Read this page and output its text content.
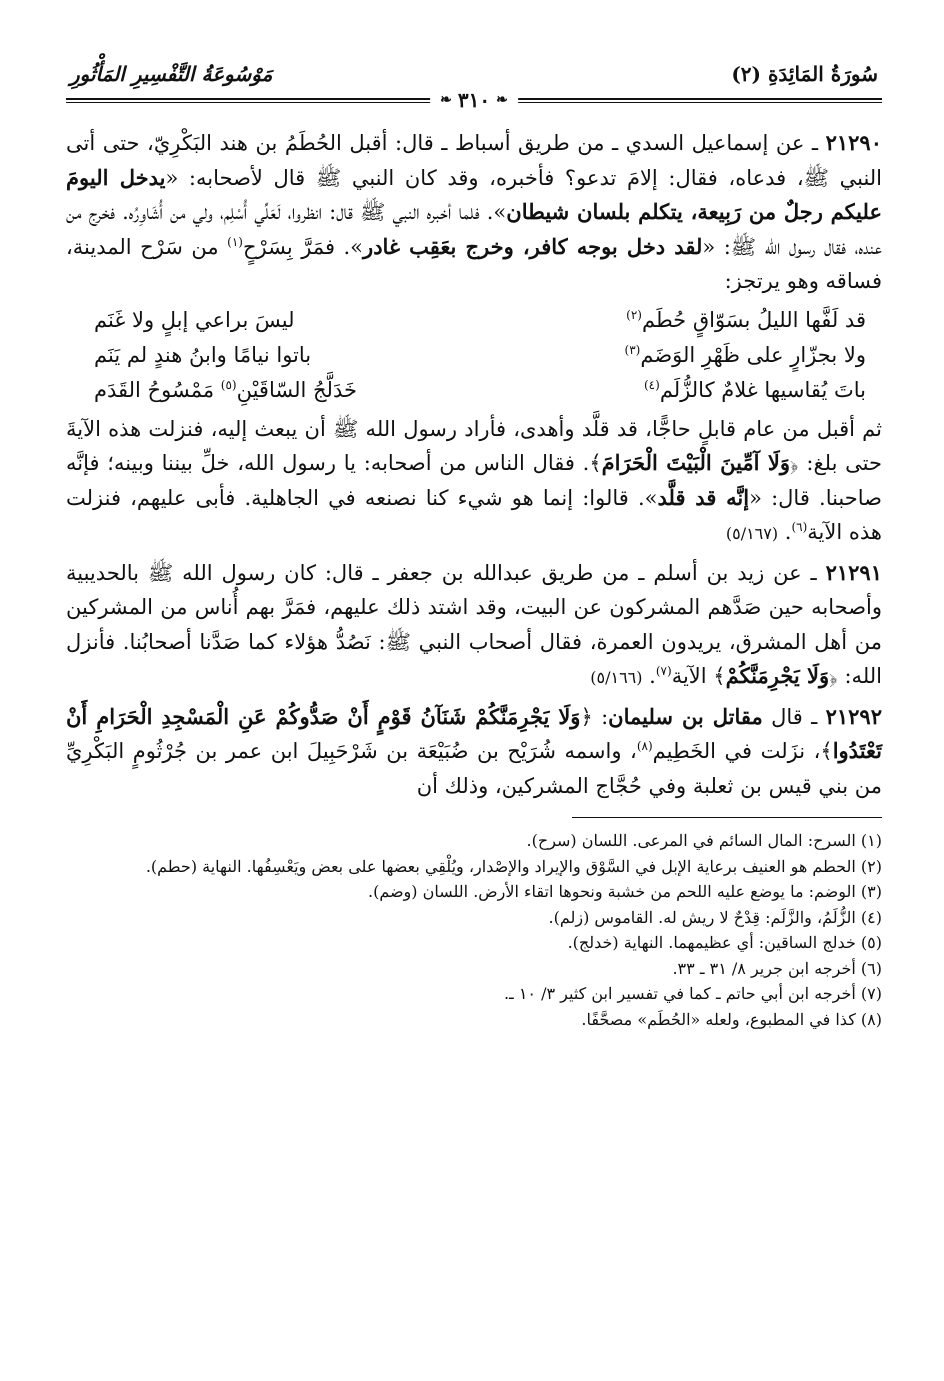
سُورَةُ المَائِدَةِ (٢)
مَوْسُوعَةُ التَّفْسِيرِ المَأْثُورِ
❧
٣١٠
❧

٢١٢٩٠ ـ عن إسماعيل السدي ـ من طريق أسباط ـ قال: أقبل الحُطَمُ بن هند البَكْرِيّ، حتى أتى النبي ﷺ، فدعاه، فقال: إلامَ تدعو؟ فأخبره، وقد كان النبي ﷺ قال لأصحابه: «يدخل اليومَ عليكم رجلٌ من رَبِيعة، يتكلم بلسان شيطان». فلما أخبره النبي ﷺ قال: انظروا، لَعَلِّي أُسْلِم، ولي من أُشَاوِرُه. فخرج من عنده، فقال رسول الله ﷺ: «لقد دخل بوجه كافر، وخرج بعَقِب غادر». فمَرَّ بِسَرْحٍ$^{(١)}$ من سَرْح المدينة، فساقه وهو يرتجز:

قد لَفَّها الليلُ بسَوّاقٍ حُطَم$^{(٢)}$
ليسَ براعي إبلٍ ولا غَنَم
ولا بجزّارٍ على ظَهْرِ الوَضَم$^{(٣)}$
باتوا نيامًا وابنُ هندٍ لم يَنَم
باتَ يُقاسيها غلامٌ كالزُّلَم$^{(٤)}$
خَدَلَّجُ السّاقَيْنِ$^{(٥)}$ مَمْسُوحُ القَدَم

ثم أقبل من عام قابلٍ حاجًّا، قد قلَّد وأهدى، فأراد رسول الله ﷺ أن يبعث إليه، فنزلت هذه الآيةَ حتى بلغ: ﴿وَلَا آمِّينَ الْبَيْتَ الْحَرَامَ﴾. فقال الناس من أصحابه: يا رسول الله، خلِّ بيننا وبينه؛ فإنَّه صاحبنا. قال: «إنَّه قد قلَّد». قالوا: إنما هو شيء كنا نصنعه في الجاهلية. فأبى عليهم، فنزلت هذه الآية$^{(٦)}$. (٥/١٦٧)

٢١٢٩١ ـ عن زيد بن أسلم ـ من طريق عبدالله بن جعفر ـ قال: كان رسول الله ﷺ بالحديبية وأصحابه حين صَدَّهم المشركون عن البيت، وقد اشتد ذلك عليهم، فمَرَّ بهم أُناس من المشركين من أهل المشرق، يريدون العمرة، فقال أصحاب النبي ﷺ: نَصُدُّ هؤلاء كما صَدَّنا أصحابُنا. فأنزل الله: ﴿وَلَا يَجْرِمَنَّكُمْ﴾ الآية$^{(٧)}$. (٥/١٦٦)

٢١٢٩٢ ـ قال مقاتل بن سليمان: ﴿وَلَا يَجْرِمَنَّكُمْ شَنَآنُ قَوْمٍ أَنْ صَدُّوكُمْ عَنِ الْمَسْجِدِ الْحَرَامِ أَنْ تَعْتَدُوا﴾، نزَلت في الخَطِيم$^{(٨)}$، واسمه شُرَيْح بن ضُبَيْعَة بن شَرْحَبِيلَ ابن عمر بن جُرْثُومٍ البَكْرِيِّ من بني قيس بن ثعلبة وفي حُجَّاج المشركين، وذلك أن

(١) السرح: المال السائم في المرعى. اللسان (سرح).

(٢) الحطم هو العنيف برعاية الإبل في السَّوْق والإيراد والإصْدار، ويُلْقِي بعضها على بعض ويَعْسِفُها. النهاية (حطم).

(٣) الوضم: ما يوضع عليه اللحم من خشبة ونحوها اتقاء الأرض. اللسان (وضم).

(٤) الزُّلَمُ، والزَّلَم: قِدْحٌ لا ريش له. القاموس (زلم).

(٥) خدلج الساقين: أي عظيمهما. النهاية (خدلج).

(٦) أخرجه ابن جرير ٨/ ٣١ ـ ٣٣.

(٧) أخرجه ابن أبي حاتم ـ كما في تفسير ابن كثير ٣/ ١٠ ـ.

(٨) كذا في المطبوع، ولعله «الحُطَم» مصحَّفًا.
